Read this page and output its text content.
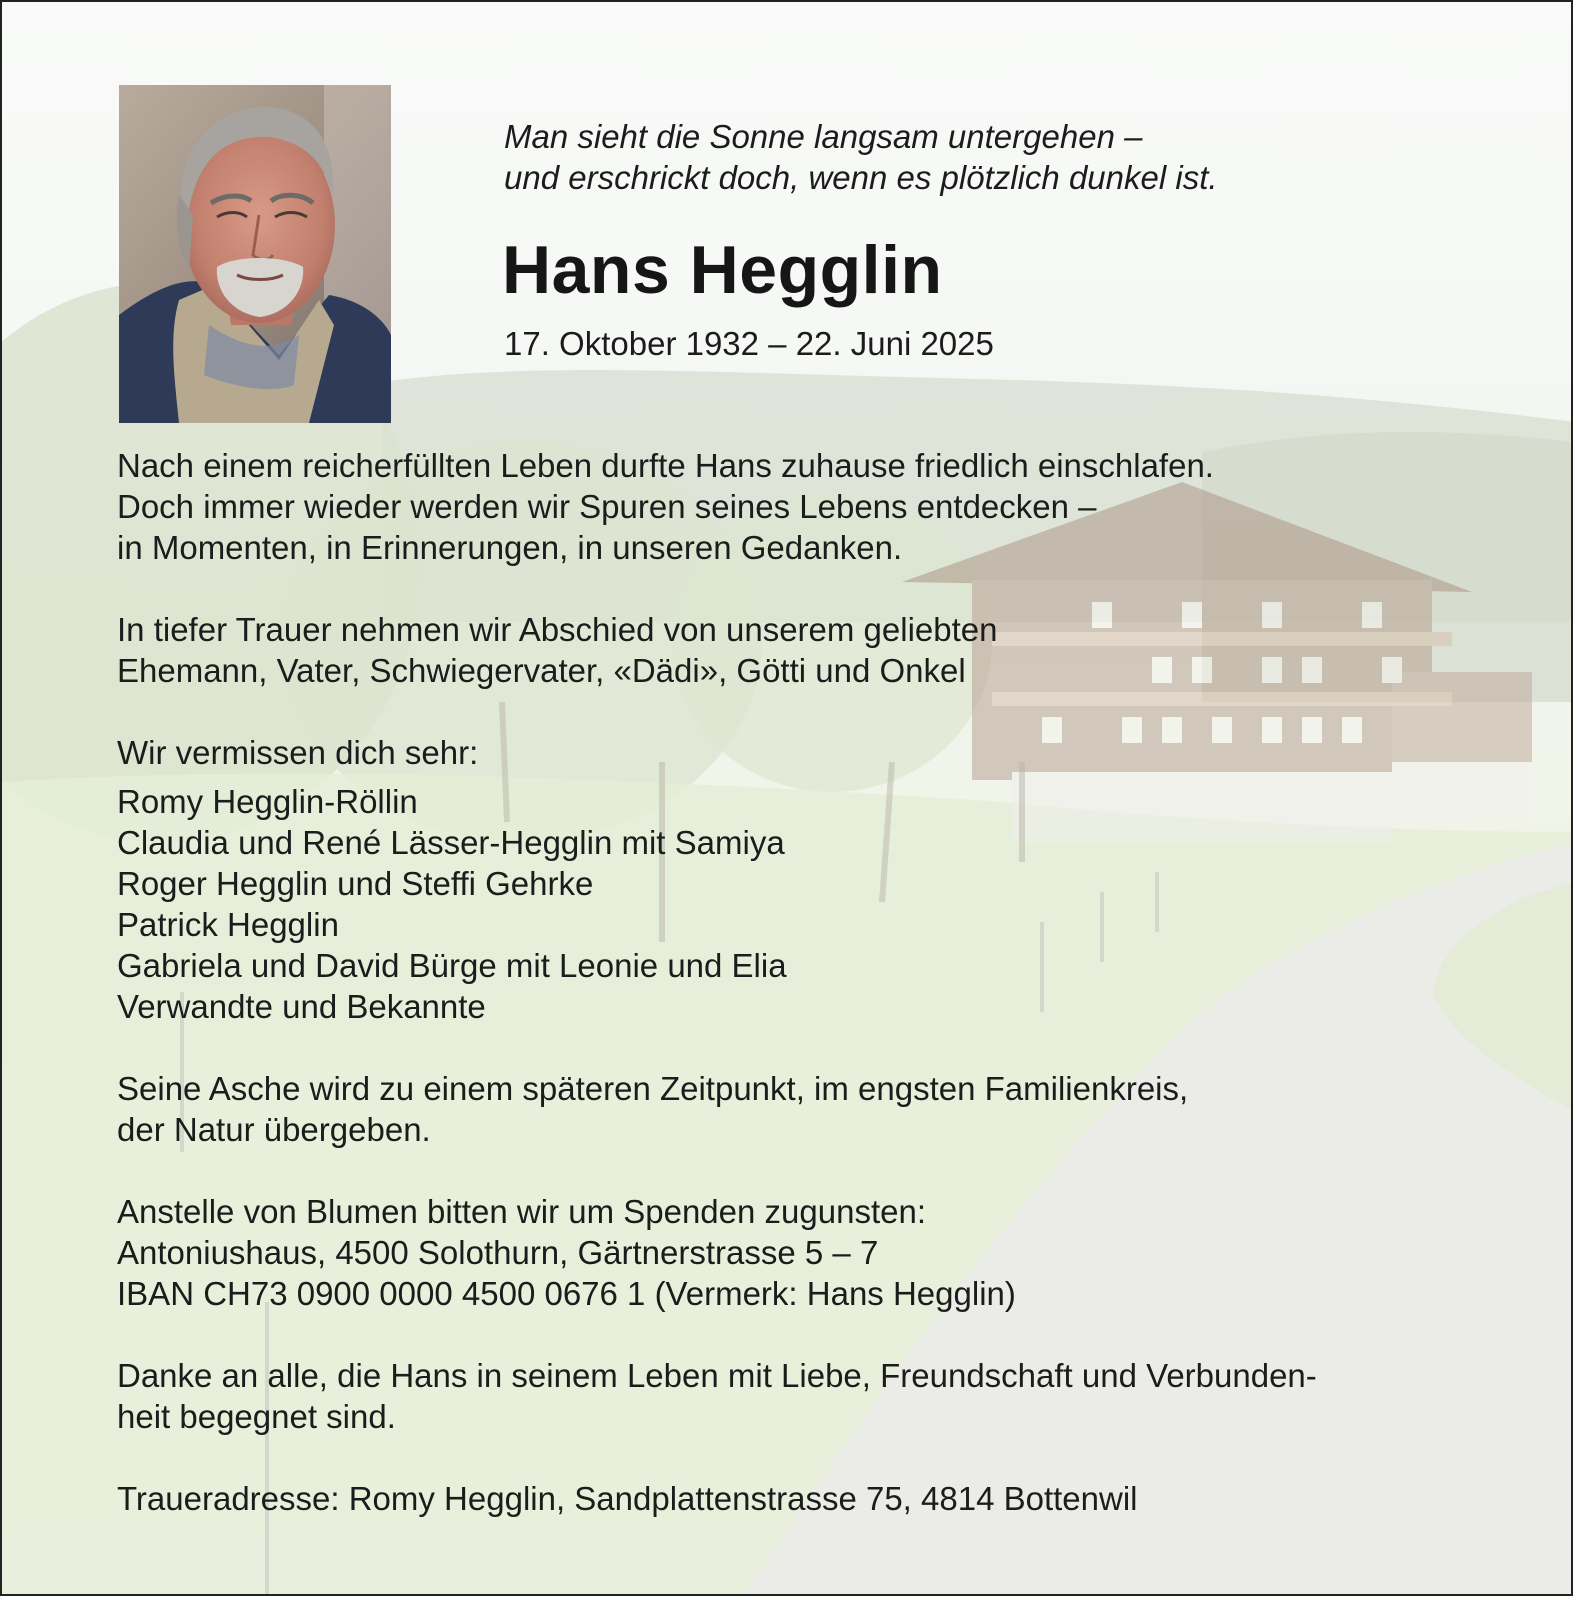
Man sieht die Sonne langsam untergehen –
und erschrickt doch, wenn es plötzlich dunkel ist.
Hans Hegglin
17. Oktober 1932 – 22. Juni 2025
Nach einem reicherfüllten Leben durfte Hans zuhause friedlich einschlafen.
Doch immer wieder werden wir Spuren seines Lebens entdecken –
in Momenten, in Erinnerungen, in unseren Gedanken.
In tiefer Trauer nehmen wir Abschied von unserem geliebten
Ehemann, Vater, Schwiegervater, «Dädi», Götti und Onkel
Wir vermissen dich sehr:
Romy Hegglin-Röllin
Claudia und René Lässer-Hegglin mit Samiya
Roger Hegglin und Steffi Gehrke
Patrick Hegglin
Gabriela und David Bürge mit Leonie und Elia
Verwandte und Bekannte
Seine Asche wird zu einem späteren Zeitpunkt, im engsten Familienkreis,
der Natur übergeben.
Anstelle von Blumen bitten wir um Spenden zugunsten:
Antoniushaus, 4500 Solothurn, Gärtnerstrasse 5 – 7
IBAN CH73 0900 0000 4500 0676 1 (Vermerk: Hans Hegglin)
Danke an alle, die Hans in seinem Leben mit Liebe, Freundschaft und Verbunden-
heit begegnet sind.
Traueradresse: Romy Hegglin, Sandplattenstrasse 75, 4814 Bottenwil
